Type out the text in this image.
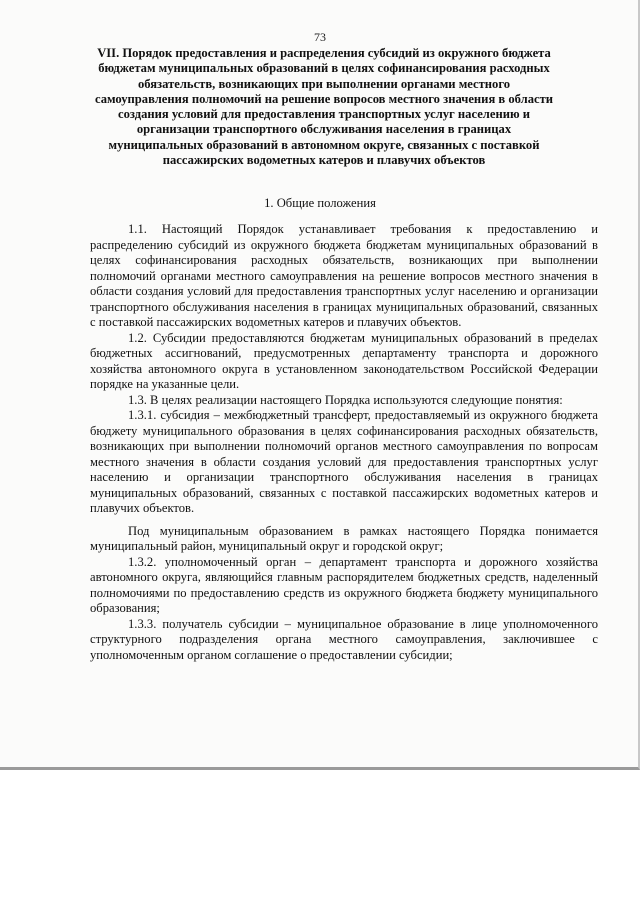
73
VII. Порядок предоставления и распределения субсидий из окружного бюджета бюджетам муниципальных образований в целях софинансирования расходных обязательств, возникающих при выполнении органами местного самоуправления полномочий на решение вопросов местного значения в области создания условий для предоставления транспортных услуг населению и организации транспортного обслуживания населения в границах муниципальных образований в автономном округе, связанных с поставкой пассажирских водометных катеров и плавучих объектов
1. Общие положения

1.1. Настоящий Порядок устанавливает требования к предоставлению и распределению субсидий из окружного бюджета бюджетам муниципальных образований в целях софинансирования расходных обязательств, возникающих при выполнении полномочий органами местного самоуправления на решение вопросов местного значения в области создания условий для предоставления транспортных услуг населению и организации транспортного обслуживания населения в границах муниципальных образований, связанных с поставкой пассажирских водометных катеров и плавучих объектов.

1.2. Субсидии предоставляются бюджетам муниципальных образований в пределах бюджетных ассигнований, предусмотренных департаменту транспорта и дорожного хозяйства автономного округа в установленном законодательством Российской Федерации порядке на указанные цели.

1.3. В целях реализации настоящего Порядка используются следующие понятия:

1.3.1. субсидия – межбюджетный трансферт, предоставляемый из окружного бюджета бюджету муниципального образования в целях софинансирования расходных обязательств, возникающих при выполнении полномочий органов местного самоуправления по вопросам местного значения в области создания условий для предоставления транспортных услуг населению и организации транспортного обслуживания населения в границах муниципальных образований, связанных с поставкой пассажирских водометных катеров и плавучих объектов.

Под муниципальным образованием в рамках настоящего Порядка понимается муниципальный район, муниципальный округ и городской округ;

1.3.2. уполномоченный орган – департамент транспорта и дорожного хозяйства автономного округа, являющийся главным распорядителем бюджетных средств, наделенный полномочиями по предоставлению средств из окружного бюджета бюджету муниципального образования;

1.3.3. получатель субсидии – муниципальное образование в лице уполномоченного структурного подразделения органа местного самоуправления, заключившее с уполномоченным органом соглашение о предоставлении субсидии;
